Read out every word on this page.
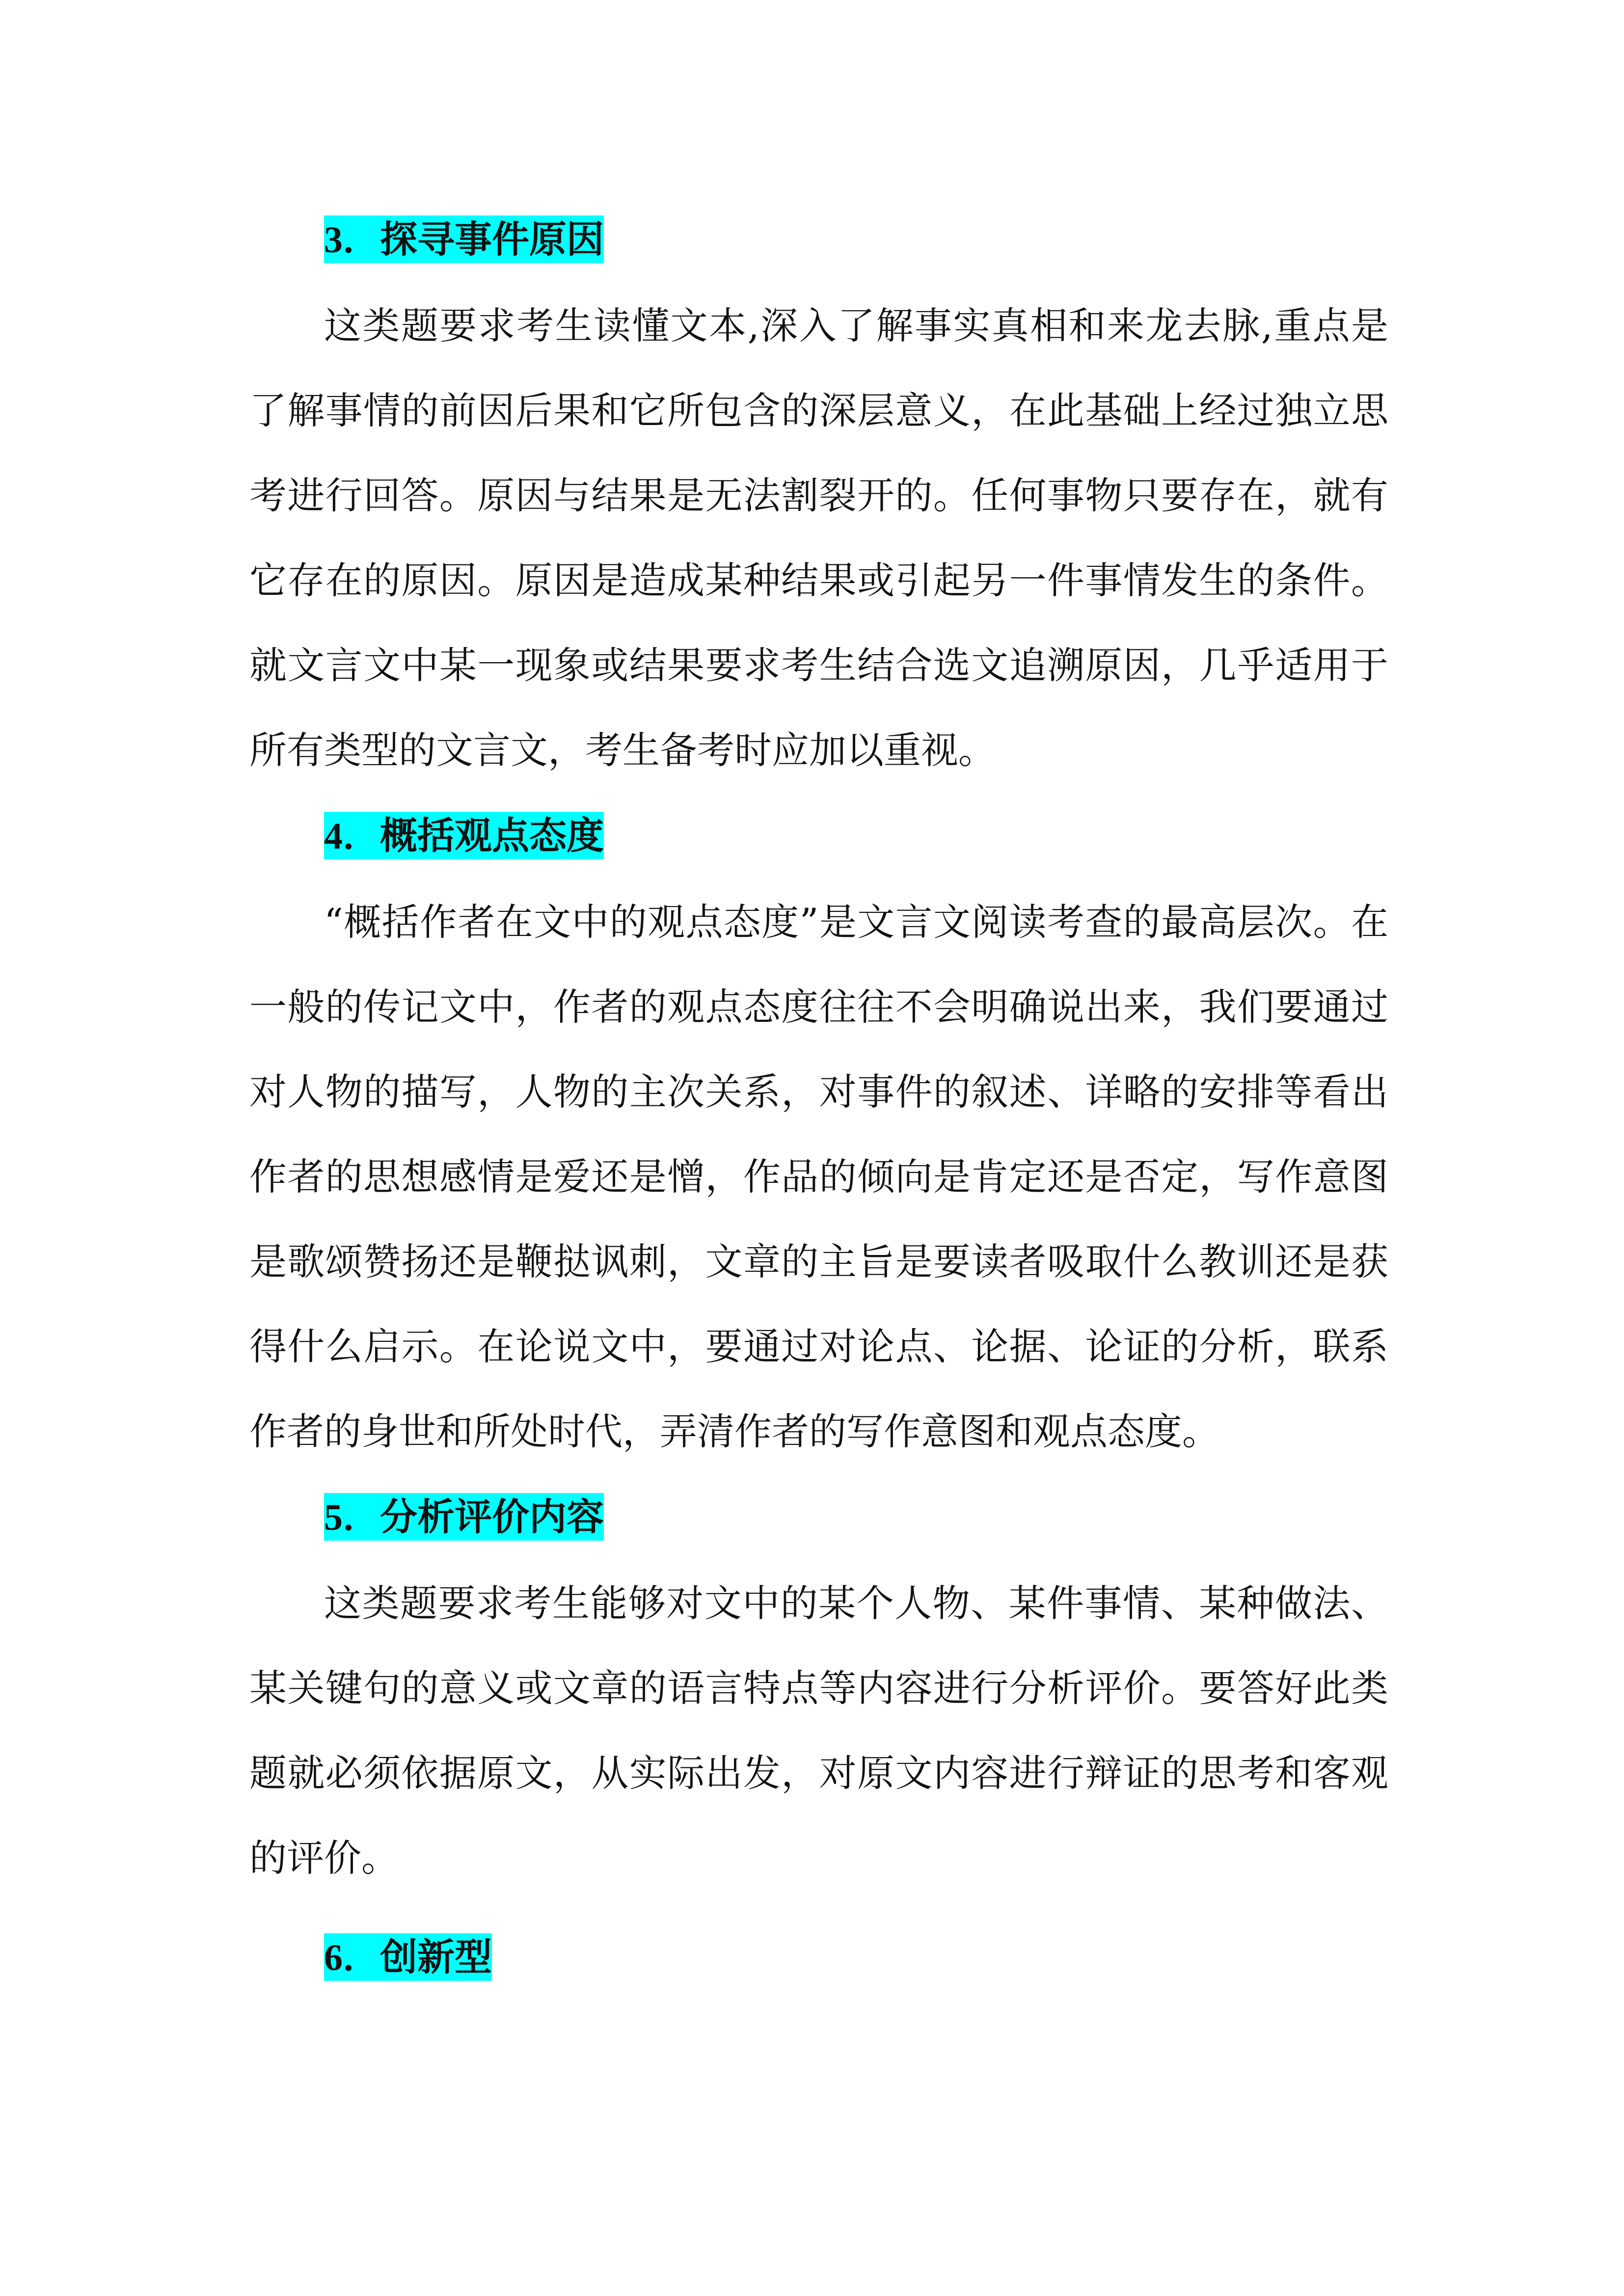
3．探寻事件原因

这类题要求考生读懂文本,深入了解事实真相和来龙去脉,重点是了解事情的前因后果和它所包含的深层意义，在此基础上经过独立思考进行回答。原因与结果是无法割裂开的。任何事物只要存在，就有它存在的原因。原因是造成某种结果或引起另一件事情发生的条件。就文言文中某一现象或结果要求考生结合选文追溯原因，几乎适用于所有类型的文言文，考生备考时应加以重视。

4．概括观点态度

“概括作者在文中的观点态度”是文言文阅读考查的最高层次。在一般的传记文中，作者的观点态度往往不会明确说出来，我们要通过对人物的描写，人物的主次关系，对事件的叙述、详略的安排等看出作者的思想感情是爱还是憎，作品的倾向是肯定还是否定，写作意图是歌颂赞扬还是鞭挞讽刺，文章的主旨是要读者吸取什么教训还是获得什么启示。在论说文中，要通过对论点、论据、论证的分析，联系作者的身世和所处时代，弄清作者的写作意图和观点态度。

5．分析评价内容

这类题要求考生能够对文中的某个人物、某件事情、某种做法、某关键句的意义或文章的语言特点等内容进行分析评价。要答好此类题就必须依据原文，从实际出发，对原文内容进行辩证的思考和客观的评价。

6．创新型
